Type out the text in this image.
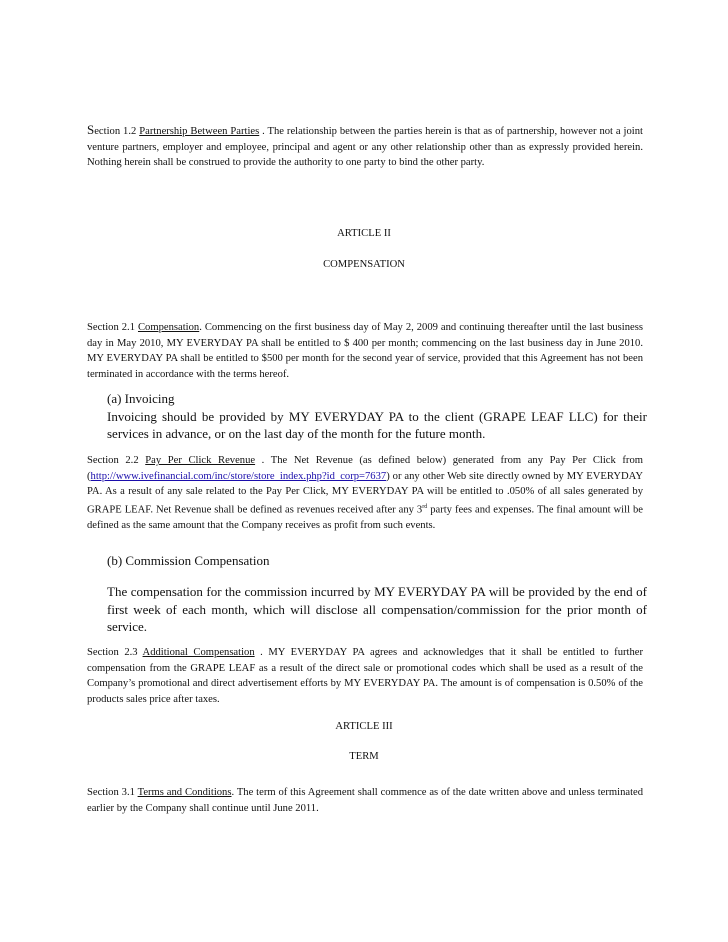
Section 1.2 Partnership Between Parties . The relationship between the parties herein is that as of partnership, however not a joint venture partners, employer and employee, principal and agent or any other relationship other than as expressly provided herein. Nothing herein shall be construed to provide the authority to one party to bind the other party.
ARTICLE II
COMPENSATION
Section 2.1 Compensation. Commencing on the first business day of May 2, 2009 and continuing thereafter until the last business day in May 2010, MY EVERYDAY PA shall be entitled to $ 400 per month; commencing on the last business day in June 2010. MY EVERYDAY PA shall be entitled to $500 per month for the second year of service, provided that this Agreement has not been terminated in accordance with the terms hereof.
(a) Invoicing
Invoicing should be provided by MY EVERYDAY PA to the client (GRAPE LEAF LLC) for their services in advance, or on the last day of the month for the future month.
Section 2.2 Pay Per Click Revenue . The Net Revenue (as defined below) generated from any Pay Per Click from (http://www.ivefinancial.com/inc/store/store_index.php?id_corp=7637) or any other Web site directly owned by MY EVERYDAY PA. As a result of any sale related to the Pay Per Click, MY EVERYDAY PA will be entitled to .050% of all sales generated by GRAPE LEAF. Net Revenue shall be defined as revenues received after any 3rd party fees and expenses. The final amount will be defined as the same amount that the Company receives as profit from such events.
(b) Commission Compensation
The compensation for the commission incurred by MY EVERYDAY PA will be provided by the end of first week of each month, which will disclose all compensation/commission for the prior month of service.
Section 2.3 Additional Compensation . MY EVERYDAY PA agrees and acknowledges that it shall be entitled to further compensation from the GRAPE LEAF as a result of the direct sale or promotional codes which shall be used as a result of the Company’s promotional and direct advertisement efforts by MY EVERYDAY PA. The amount is of compensation is 0.50% of the products sales price after taxes.
ARTICLE III
TERM
Section 3.1 Terms and Conditions. The term of this Agreement shall commence as of the date written above and unless terminated earlier by the Company shall continue until June 2011.
